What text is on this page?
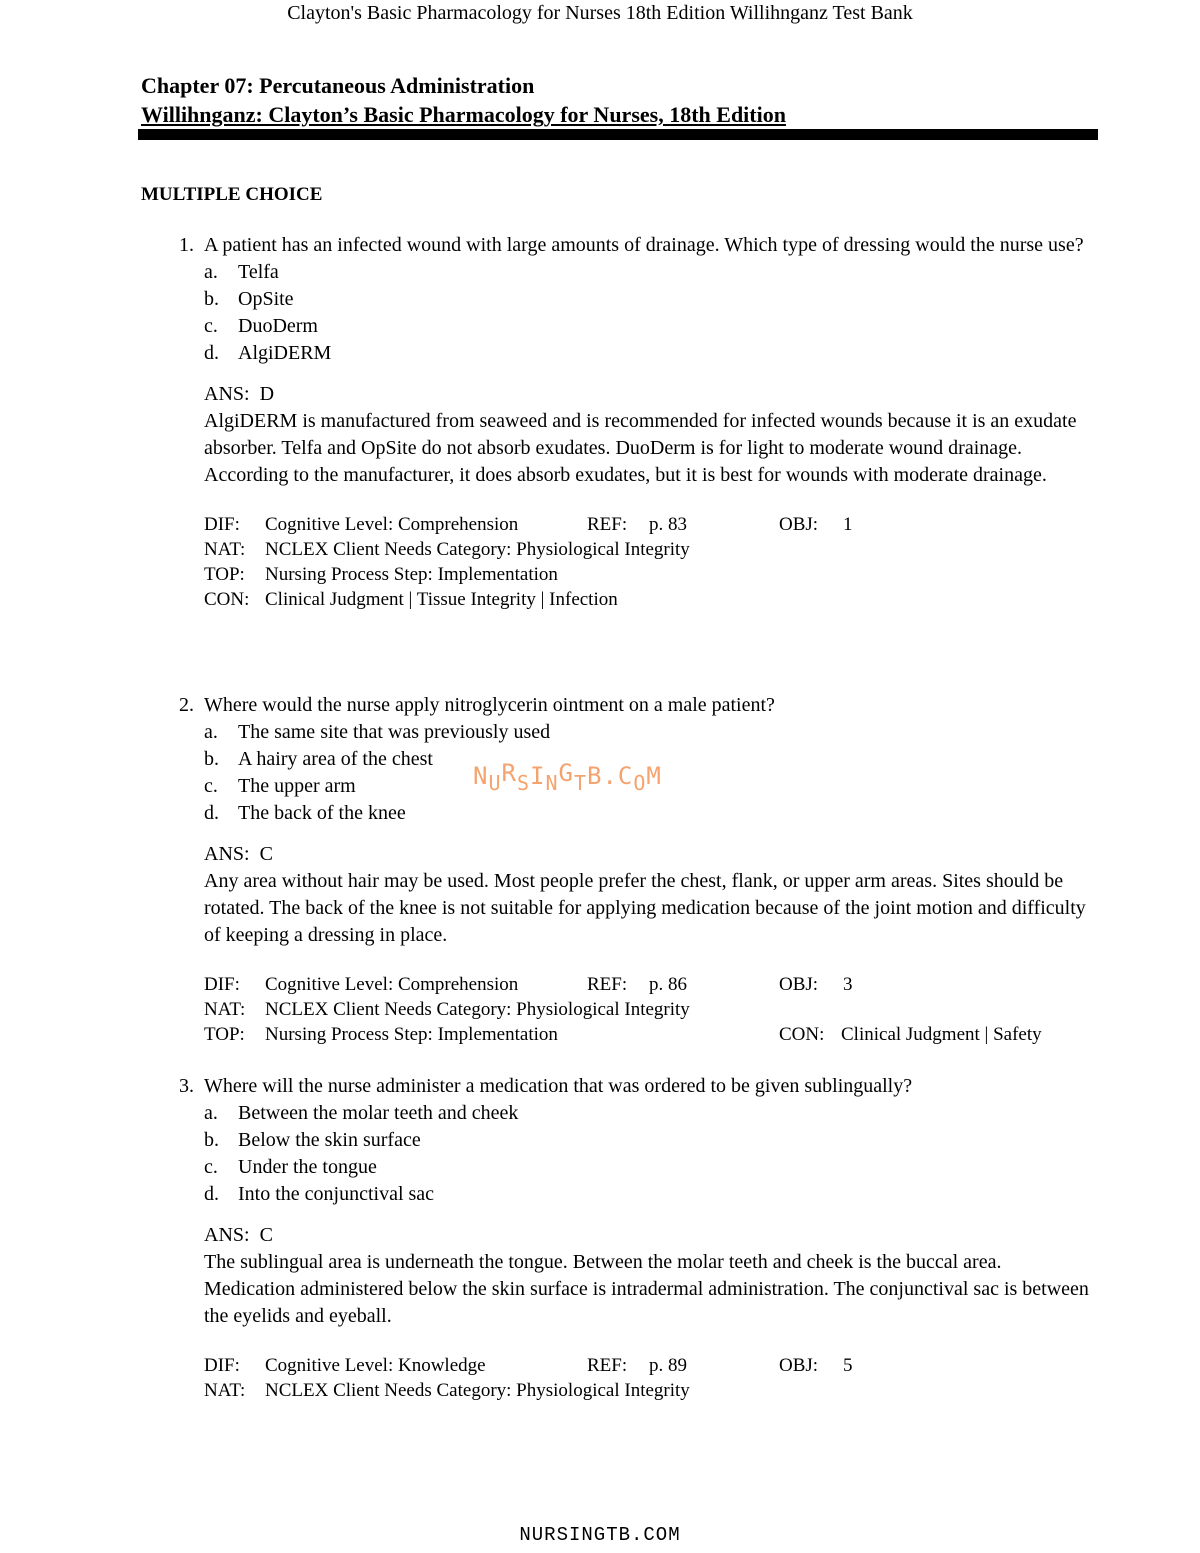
Clayton's Basic Pharmacology for Nurses 18th Edition Willihnganz Test Bank
Chapter 07: Percutaneous Administration
Willihnganz: Clayton’s Basic Pharmacology for Nurses, 18th Edition
MULTIPLE CHOICE
1. A patient has an infected wound with large amounts of drainage. Which type of dressing would the nurse use?
a.	Telfa
b. OpSite
c.	DuoDerm
d. AlgiDERM
ANS: D
AlgiDERM is manufactured from seaweed and is recommended for infected wounds because it is an exudate absorber. Telfa and OpSite do not absorb exudates. DuoDerm is for light to moderate wound drainage. According to the manufacturer, it does absorb exudates, but it is best for wounds with moderate drainage.
DIF: Cognitive Level: Comprehension	REF: p. 83	OBJ: 1
NAT: NCLEX Client Needs Category: Physiological Integrity
TOP: Nursing Process Step: Implementation
CON: Clinical Judgment | Tissue Integrity | Infection
2. Where would the nurse apply nitroglycerin ointment on a male patient?
a.	The same site that was previously used
b. A hairy area of the chest
c.	The upper arm
d. The back of the knee
ANS: C
Any area without hair may be used. Most people prefer the chest, flank, or upper arm areas. Sites should be rotated. The back of the knee is not suitable for applying medication because of the joint motion and difficulty of keeping a dressing in place.
DIF: Cognitive Level: Comprehension	REF: p. 86	OBJ: 3
NAT: NCLEX Client Needs Category: Physiological Integrity
TOP: Nursing Process Step: Implementation	CON: Clinical Judgment | Safety
3. Where will the nurse administer a medication that was ordered to be given sublingually?
a.	Between the molar teeth and cheek
b. Below the skin surface
c.	Under the tongue
d. Into the conjunctival sac
ANS: C
The sublingual area is underneath the tongue. Between the molar teeth and cheek is the buccal area. Medication administered below the skin surface is intradermal administration. The conjunctival sac is between the eyelids and eyeball.
DIF: Cognitive Level: Knowledge	REF: p. 89	OBJ: 5
NAT: NCLEX Client Needs Category: Physiological Integrity
$N_UR_SI_NG_TB.C_OM$
NURSINGTB.COM
